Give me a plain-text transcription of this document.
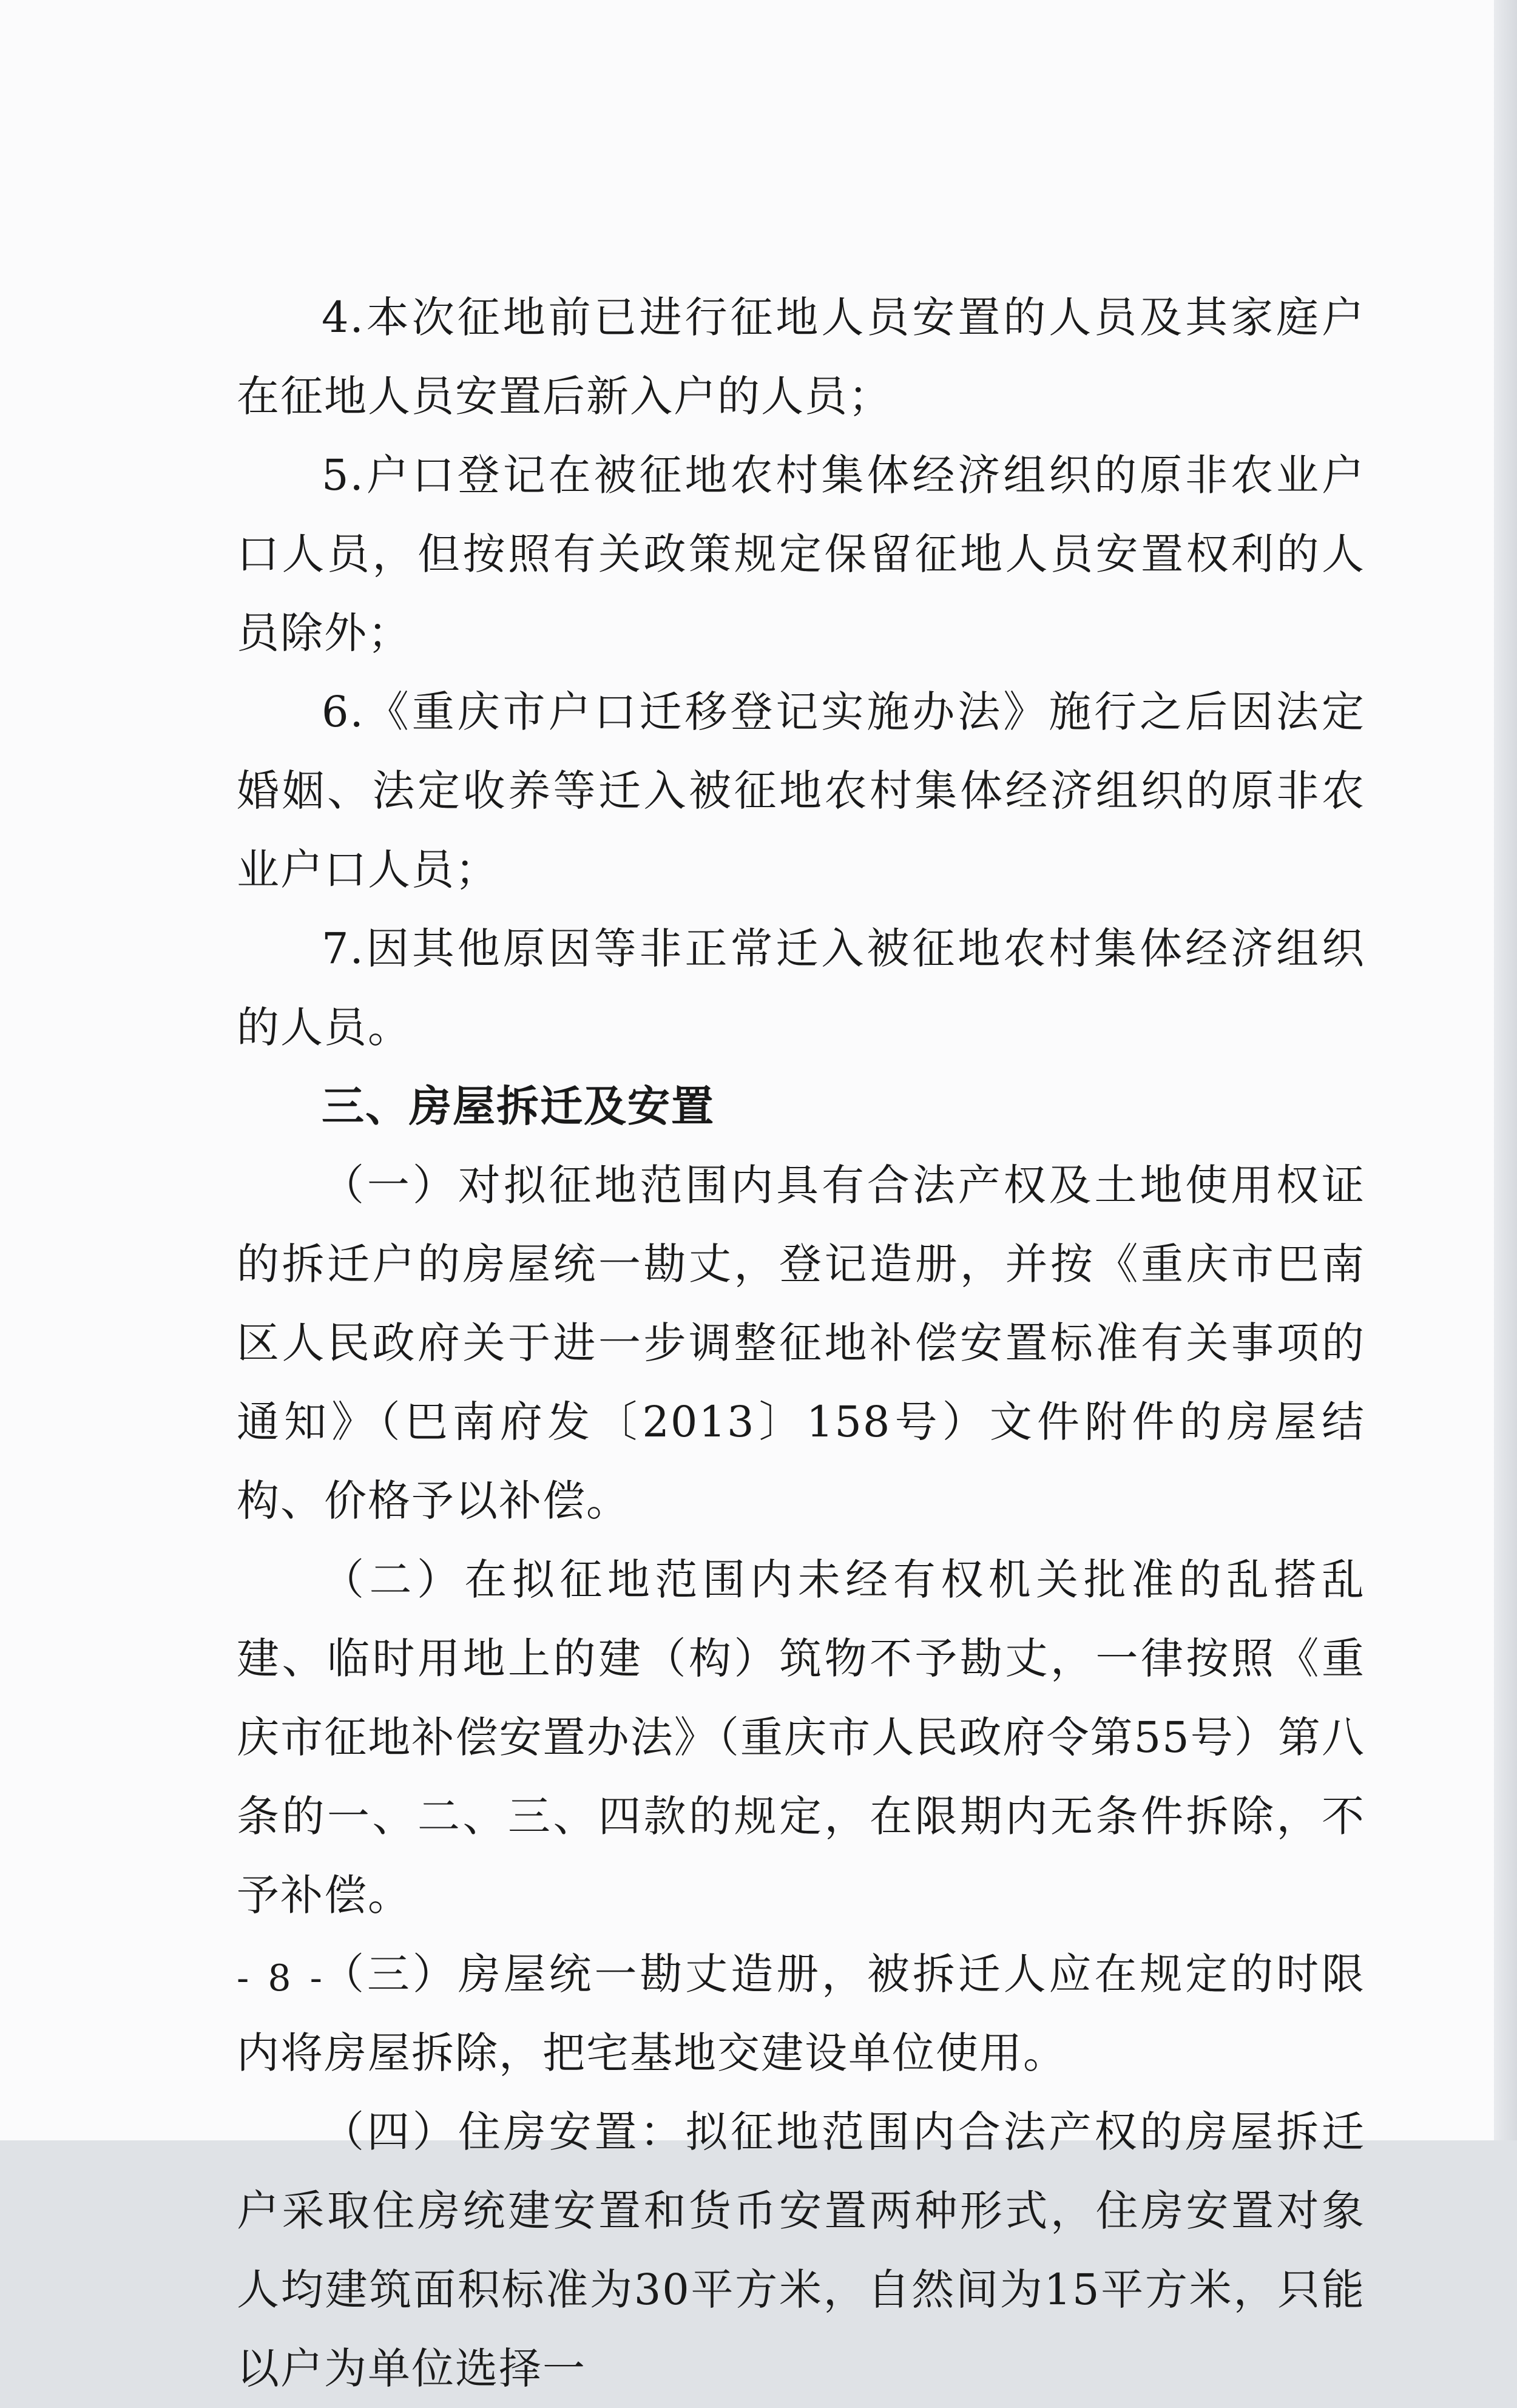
4.本次征地前已进行征地人员安置的人员及其家庭户在征地人员安置后新入户的人员；

5.户口登记在被征地农村集体经济组织的原非农业户口人员，但按照有关政策规定保留征地人员安置权利的人员除外；

6.《重庆市户口迁移登记实施办法》施行之后因法定婚姻、法定收养等迁入被征地农村集体经济组织的原非农业户口人员；

7.因其他原因等非正常迁入被征地农村集体经济组织的人员。

三、房屋拆迁及安置

（一）对拟征地范围内具有合法产权及土地使用权证的拆迁户的房屋统一勘丈，登记造册，并按《重庆市巴南区人民政府关于进一步调整征地补偿安置标准有关事项的通知》（巴南府发〔2013〕158号）文件附件的房屋结构、价格予以补偿。

（二）在拟征地范围内未经有权机关批准的乱搭乱建、临时用地上的建（构）筑物不予勘丈，一律按照《重庆市征地补偿安置办法》（重庆市人民政府令第55号）第八条的一、二、三、四款的规定，在限期内无条件拆除，不予补偿。

（三）房屋统一勘丈造册，被拆迁人应在规定的时限内将房屋拆除，把宅基地交建设单位使用。

（四）住房安置：拟征地范围内合法产权的房屋拆迁户采取住房统建安置和货币安置两种形式，住房安置对象人均建筑面积标准为30平方米，自然间为15平方米，只能以户为单位选择一

- 8 -
